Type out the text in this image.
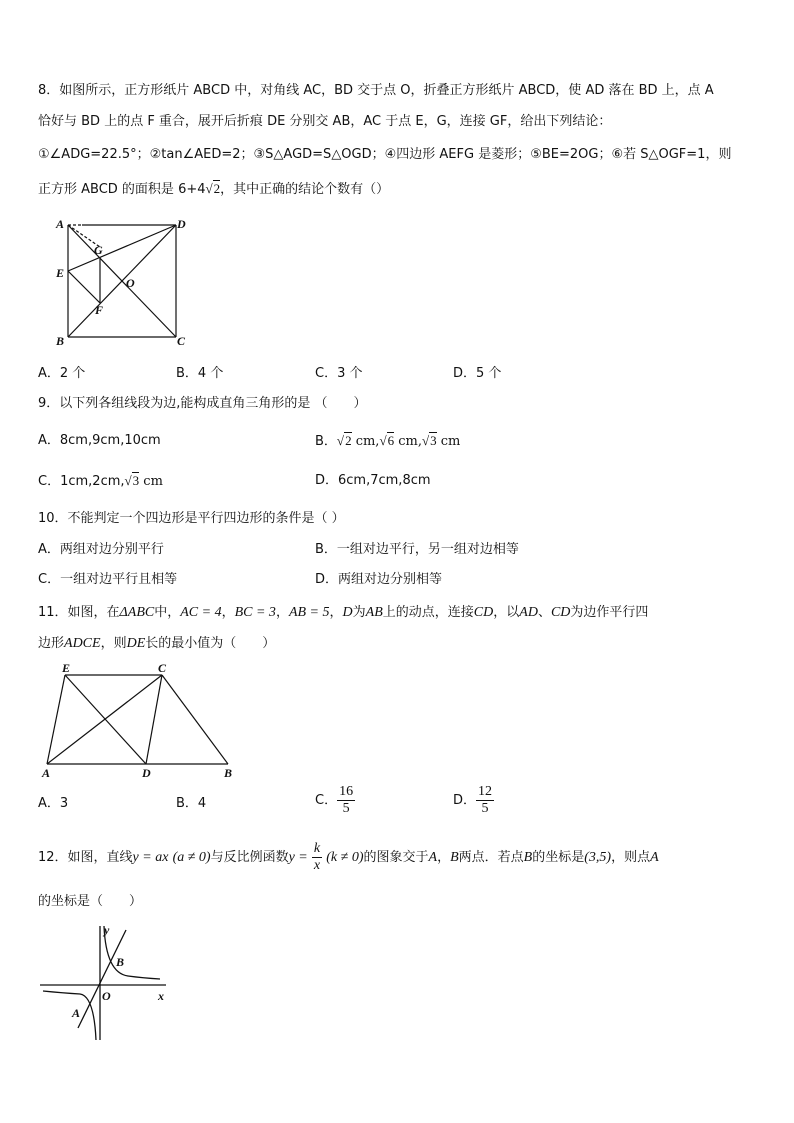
8．如图所示，正方形纸片 ABCD 中，对角线 AC，BD 交于点 O，折叠正方形纸片 ABCD，使 AD 落在 BD 上，点 A
恰好与 BD 上的点 F 重合，展开后折痕 DE 分别交 AB，AC 于点 E，G，连接 GF，给出下列结论：
①∠ADG=22.5°；②tan∠AED=2；③S△AGD=S△OGD；④四边形 AEFG 是菱形；⑤BE=2OG；⑥若 S△OGF=1，则
正方形 ABCD 的面积是 6+4√2，其中正确的结论个数有（）
A	D
G
E
O
F
B	C
A．2 个	B．4 个	C．3 个	D．5 个
9．以下列各组线段为边,能构成直角三角形的是 （　　）
A．8cm,9cm,10cm	B．√2 cm,√6 cm,√3 cm
C．1cm,2cm,√3 cm	D．6cm,7cm,8cm
10．不能判定一个四边形是平行四边形的条件是（ ）
A．两组对边分别平行	B．一组对边平行，另一组对边相等
C．一组对边平行且相等	D．两组对边分别相等
11．如图，在ΔABC中，AC = 4，BC = 3，AB = 5，D为AB上的动点，连接CD，以AD、CD为边作平行四
边形ADCE，则DE长的最小值为（　　）
E	C
A	D	B
A．3	B．4	C． $\frac{16}{5}$	D． $\frac{12}{5}$
12．如图，直线y = ax (a ≠ 0)与反比例函数$y = \frac{k}{x} (k \ne 0)$的图象交于A，B两点．若点B的坐标是(3,5)，则点A
的坐标是（　　）
y
B
O	x
A
